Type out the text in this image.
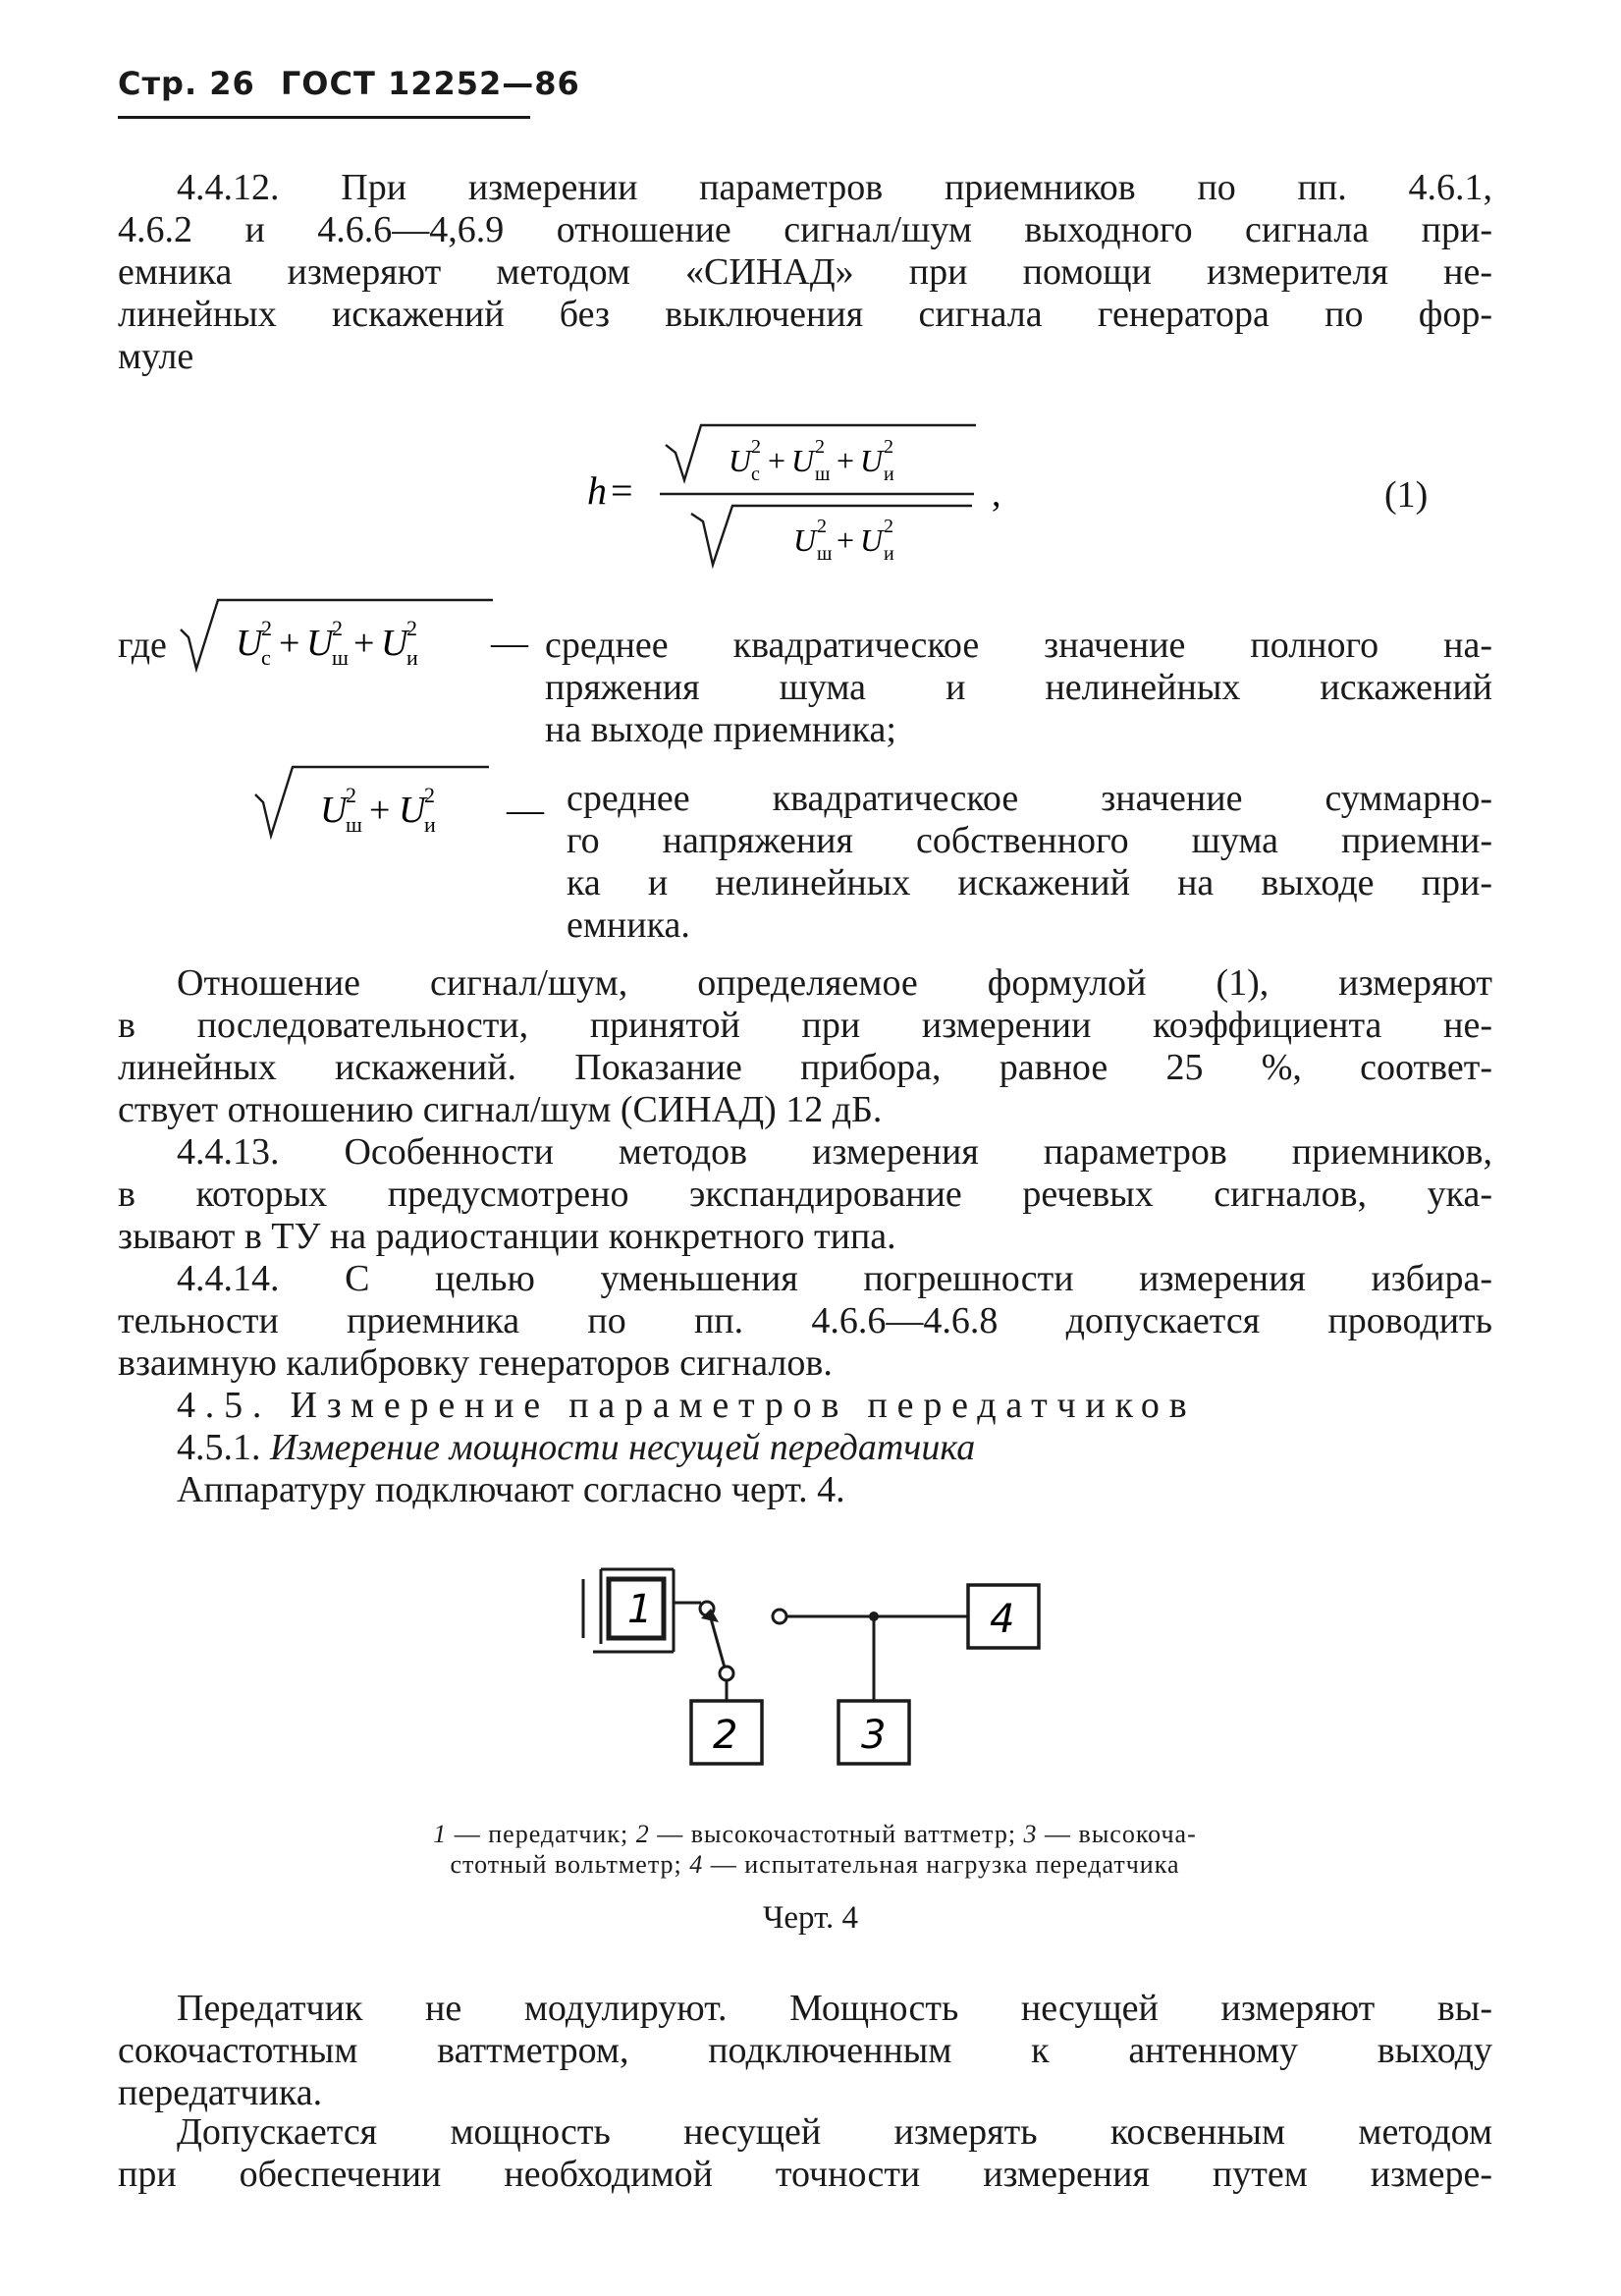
Стр. 26 ГОСТ 12252—86

4.4.12. При измерении параметров приемников по пп. 4.6.1,

4.6.2 и 4.6.6—4,6.9 отношение сигнал/шум выходного сигнала при-

емника измеряют методом «СИНАД» при помощи измерителя не-

линейных искажений без выключения сигнала генератора по фор-

муле

h =
U с
2 + U ш
2 + U и
2
U ш
2 + U и
2
,	(1)
где U
с
2 + U
ш
2 + U
и
2 — среднее квадратическое значение полного на-

пряжения шума и нелинейных искажений

на выходе приемника;

U
ш
2 + U
и
2 — среднее квадратическое значение суммарно-

го напряжения собственного шума приемни-

ка и нелинейных искажений на выходе при-

емника.

Отношение сигнал/шум, определяемое формулой (1), измеряют

в последовательности, принятой при измерении коэффициента не-

линейных искажений. Показание прибора, равное 25 %, соответ-

ствует отношению сигнал/шум (СИНАД) 12 дБ.

4.4.13. Особенности методов измерения параметров приемников,

в которых предусмотрено экспандирование речевых сигналов, ука-

зывают в ТУ на радиостанции конкретного типа.

4.4.14. С целью уменьшения погрешности измерения избира-

тельности приемника по пп. 4.6.6—4.6.8 допускается проводить

взаимную калибровку генераторов сигналов.

4.5. Измерение параметров передатчиков

4.5.1. Измерение мощности несущей передатчика

Аппаратуру подключают согласно черт. 4.

1
2	3
4
1 — передатчик; 2 — высокочастотный ваттметр; 3 — высокоча-
стотный вольтметр; 4 — испытательная нагрузка передатчика
Черт. 4

Передатчик не модулируют. Мощность несущей измеряют вы-

сокочастотным ваттметром, подключенным к антенному выходу

передатчика.

Допускается мощность несущей измерять косвенным методом

при обеспечении необходимой точности измерения путем измере-
